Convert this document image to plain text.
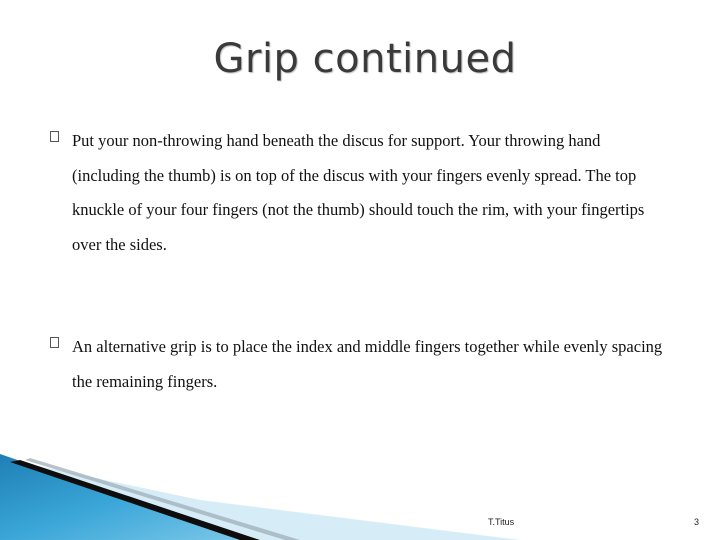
Grip continued
Put your non-throwing hand beneath the discus for support. Your throwing hand (including the thumb) is on top of the discus with your fingers evenly spread. The top knuckle of your four fingers (not the thumb) should touch the rim, with your fingertips over the sides.
An alternative grip is to place the index and middle fingers together while evenly spacing the remaining fingers.
T.Titus	3
